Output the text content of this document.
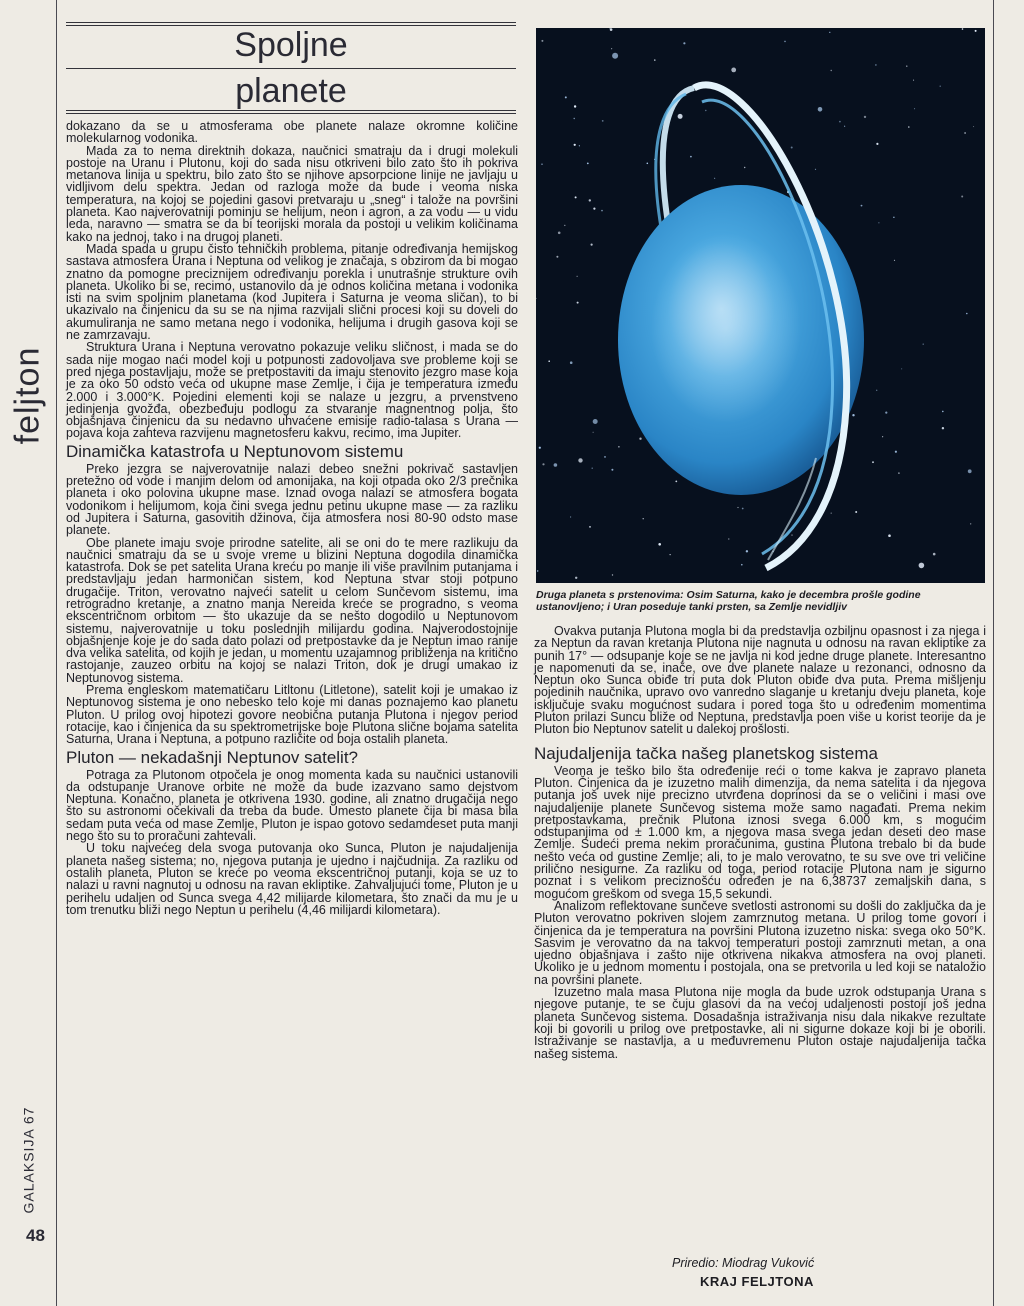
feljton
GALAKSIJA 67
48
Spoljne
planete

dokazano da se u atmosferama obe planete nalaze okromne količine molekularnog vodonika.

Mada za to nema direktnih dokaza, naučnici smatraju da i drugi molekuli postoje na Uranu i Plutonu, koji do sada nisu otkriveni bilo zato što ih pokriva metanova linija u spektru, bilo zato što se njihove apsorpcione linije ne javljaju u vidljivom delu spektra. Jedan od razloga može da bude i veoma niska temperatura, na kojoj se pojedini gasovi pretvaraju u „sneg“ i talože na površini planeta. Kao najverovatniji pominju se helijum, neon i agron, a za vodu — u vidu leda, naravno — smatra se da bi teorijski morala da postoji u velikim količinama kako na jednoj, tako i na drugoj planeti.

Mada spada u grupu čisto tehničkih problema, pitanje određivanja hemijskog sastava atmosfera Urana i Neptuna od velikog je značaja, s obzirom da bi mogao znatno da pomogne preciznijem određivanju porekla i unutrašnje strukture ovih planeta. Ukoliko bi se, recimo, ustanovilo da je odnos količina metana i vodonika isti na svim spoljnim planetama (kod Jupitera i Saturna je veoma sličan), to bi ukazivalo na činjenicu da su se na njima razvijali slični procesi koji su doveli do akumuliranja ne samo metana nego i vodonika, helijuma i drugih gasova koji se ne zamrzavaju.

Struktura Urana i Neptuna verovatno pokazuje veliku sličnost, i mada se do sada nije mogao naći model koji u potpunosti zadovoljava sve probleme koji se pred njega postavljaju, može se pretpostaviti da imaju stenovito jezgro mase koja je za oko 50 odsto veća od ukupne mase Zemlje, i čija je temperatura između 2.000 i 3.000°K. Pojedini elementi koji se nalaze u jezgru, a prvenstveno jedinjenja gvožđa, obezbeđuju podlogu za stvaranje magnentnog polja, što objašnjava činjenicu da su nedavno uhvaćene emisije radio-talasa s Urana — pojava koja zahteva razvijenu magnetosferu kakvu, recimo, ima Jupiter.

Dinamička katastrofa u Neptunovom sistemu

Preko jezgra se najverovatnije nalazi debeo snežni pokrivač sastavljen pretežno od vode i manjim delom od amonijaka, na koji otpada oko 2/3 prečnika planeta i oko polovina ukupne mase. Iznad ovoga nalazi se atmosfera bogata vodonikom i helijumom, koja čini svega jednu petinu ukupne mase — za razliku od Jupitera i Saturna, gasovitih džinova, čija atmosfera nosi 80-90 odsto mase planete.

Obe planete imaju svoje prirodne satelite, ali se oni do te mere razlikuju da naučnici smatraju da se u svoje vreme u blizini Neptuna dogodila dinamička katastrofa. Dok se pet satelita Urana kreću po manje ili više pravilnim putanjama i predstavljaju jedan harmoničan sistem, kod Neptuna stvar stoji potpuno drugačije. Triton, verovatno najveći satelit u celom Sunčevom sistemu, ima retrogradno kretanje, a znatno manja Nereida kreće se progradno, s veoma ekscentričnom orbitom — što ukazuje da se nešto dogodilo u Neptunovom sistemu, najverovatnije u toku poslednjih milijardu godina. Najverodostojnije objašnjenje koje je do sada dato polazi od pretpostavke da je Neptun imao ranije dva velika satelita, od kojih je jedan, u momentu uzajamnog približenja na kritično rastojanje, zauzeo orbitu na kojoj se nalazi Triton, dok je drugi umakao iz Neptunovog sistema.

Prema engleskom matematičaru Litltonu (Litletone), satelit koji je umakao iz Neptunovog sistema je ono nebesko telo koje mi danas poznajemo kao planetu Pluton. U prilog ovoj hipotezi govore neobična putanja Plutona i njegov period rotacije, kao i činjenica da su spektrometrijske boje Plutona slične bojama satelita Saturna, Urana i Neptuna, a potpuno različite od boja ostalih planeta.

Pluton — nekadašnji Neptunov satelit?

Potraga za Plutonom otpočela je onog momenta kada su naučnici ustanovili da odstupanje Uranove orbite ne može da bude izazvano samo dejstvom Neptuna. Konačno, planeta je otkrivena 1930. godine, ali znatno drugačija nego što su astronomi očekivali da treba da bude. Umesto planete čija bi masa bila sedam puta veća od mase Zemlje, Pluton je ispao gotovo sedamdeset puta manji nego što su to proračuni zahtevali.

U toku najvećeg dela svoga putovanja oko Sunca, Pluton je najudaljenija planeta našeg sistema; no, njegova putanja je ujedno i najčudnija. Za razliku od ostalih planeta, Pluton se kreće po veoma ekscentričnoj putanji, koja se uz to nalazi u ravni nagnutoj u odnosu na ravan ekliptike. Zahvaljujući tome, Pluton je u perihelu udaljen od Sunca svega 4,42 milijarde kilometara, što znači da mu je u tom trenutku bliži nego Neptun u perihelu (4,46 milijardi kilometara).

Druga planeta s prstenovima: Osim Saturna, kako je decembra prošle godine ustanovljeno; i Uran poseduje tanki prsten, sa Zemlje nevidljiv

Ovakva putanja Plutona mogla bi da predstavlja ozbiljnu opasnost i za njega i za Neptun da ravan kretanja Plutona nije nagnuta u odnosu na ravan ekliptike za punih 17° — odsupanje koje se ne javlja ni kod jedne druge planete. Interesantno je napomenuti da se, inače, ove dve planete nalaze u rezonanci, odnosno da Neptun oko Sunca obiđe tri puta dok Pluton obiđe dva puta. Prema mišljenju pojedinih naučnika, upravo ovo vanredno slaganje u kretanju dveju planeta, koje isključuje svaku mogućnost sudara i pored toga što u određenim momentima Pluton prilazi Suncu bliže od Neptuna, predstavlja poen više u korist teorije da je Pluton bio Neptunov satelit u dalekoj prošlosti.

Najudaljenija tačka našeg planetskog sistema

Veoma je teško bilo šta određenije reći o tome kakva je zapravo planeta Pluton. Činjenica da je izuzetno malih dimenzija, da nema satelita i da njegova putanja još uvek nije precizno utvrđena doprinosi da se o veličini i masi ove najudaljenije planete Sunčevog sistema može samo nagađati. Prema nekim pretpostavkama, prečnik Plutona iznosi svega 6.000 km, s mogućim odstupanjima od ± 1.000 km, a njegova masa svega jedan deseti deo mase Zemlje. Sudeći prema nekim proračunima, gustina Plutona trebalo bi da bude nešto veća od gustine Zemlje; ali, to je malo verovatno, te su sve ove tri veličine prilično nesigurne. Za razliku od toga, period rotacije Plutona nam je sigurno poznat i s velikom preciznošću određen je na 6,38737 zemaljskih dana, s mogućom greškom od svega 15,5 sekundi.

Analizom reflektovane sunčeve svetlosti astronomi su došli do zaključka da je Pluton verovatno pokriven slojem zamrznutog metana. U prilog tome govori i činjenica da je temperatura na površini Plutona izuzetno niska: svega oko 50°K. Sasvim je verovatno da na takvoj temperaturi postoji zamrznuti metan, a ona ujedno objašnjava i zašto nije otkrivena nikakva atmosfera na ovoj planeti. Ukoliko je u jednom momentu i postojala, ona se pretvorila u led koji se nataložio na površini planete.

Izuzetno mala masa Plutona nije mogla da bude uzrok odstupanja Urana s njegove putanje, te se čuju glasovi da na većoj udaljenosti postoji još jedna planeta Sunčevog sistema. Dosadašnja istraživanja nisu dala nikakve rezultate koji bi govorili u prilog ove pretpostavke, ali ni sigurne dokaze koji bi je oborili. Istraživanje se nastavlja, a u međuvremenu Pluton ostaje najudaljenija tačka našeg sistema.

Priredio: Miodrag Vuković
KRAJ FELJTONA
